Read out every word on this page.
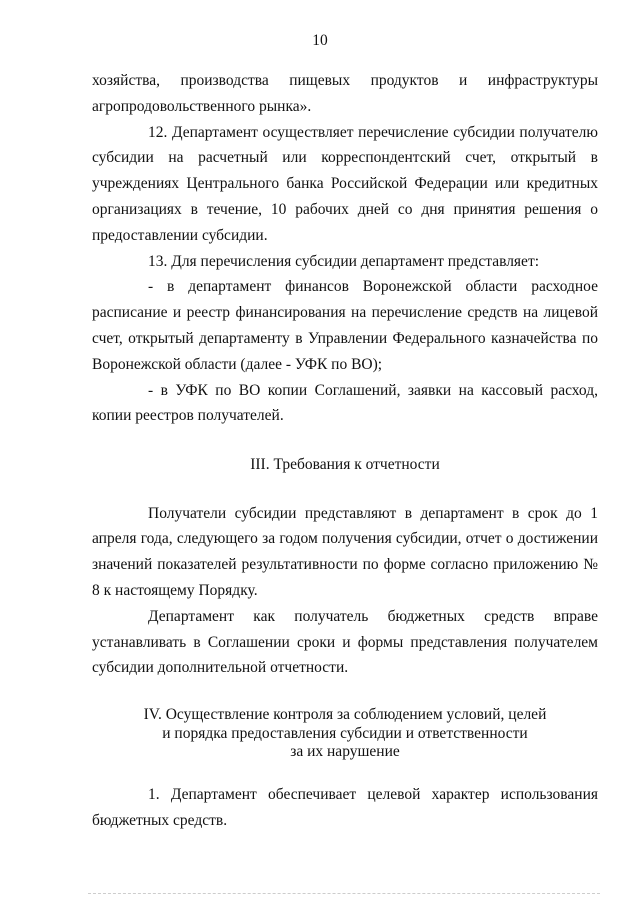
10

хозяйства, производства пищевых продуктов и инфраструктуры агропродовольственного рынка».

12. Департамент осуществляет перечисление субсидии получателю субсидии на расчетный или корреспондентский счет, открытый в учреждениях Центрального банка Российской Федерации или кредитных организациях в течение, 10 рабочих дней со дня принятия решения о предоставлении субсидии.

13. Для перечисления субсидии департамент представляет:

- в департамент финансов Воронежской области расходное расписание и реестр финансирования на перечисление средств на лицевой счет, открытый департаменту в Управлении Федерального казначейства по Воронежской области (далее - УФК по ВО);

- в УФК по ВО копии Соглашений, заявки на кассовый расход, копии реестров получателей.

III. Требования к отчетности

Получатели субсидии представляют в департамент в срок до 1 апреля года, следующего за годом получения субсидии, отчет о достижении значений показателей результативности по форме согласно приложению № 8 к настоящему Порядку.

Департамент как получатель бюджетных средств вправе устанавливать в Соглашении сроки и формы представления получателем субсидии дополнительной отчетности.

IV. Осуществление контроля за соблюдением условий, целей

и порядка предоставления субсидии и ответственности

за их нарушение

1. Департамент обеспечивает целевой характер использования бюджетных средств.
